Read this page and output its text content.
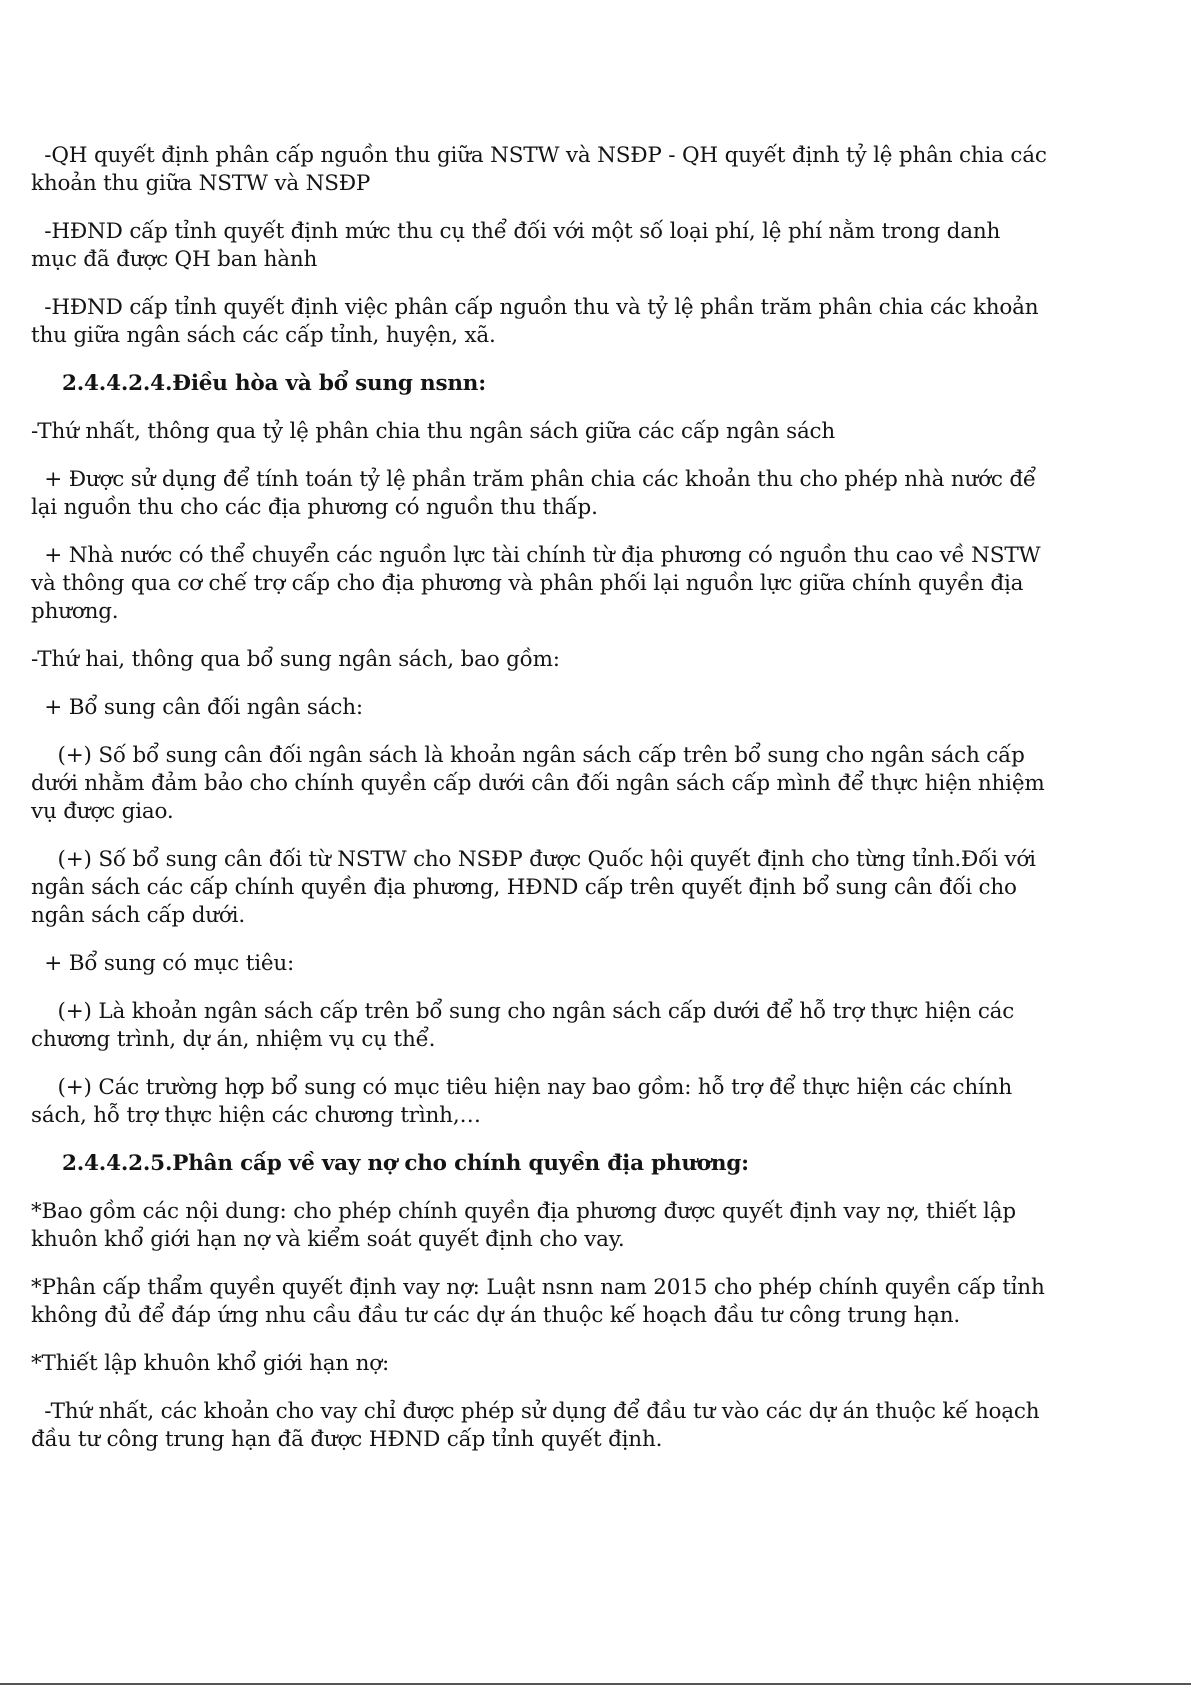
-QH quyết định phân cấp nguồn thu giữa NSTW và NSĐP - QH quyết định tỷ lệ phân chia các khoản thu giữa NSTW và NSĐP

-HĐND cấp tỉnh quyết định mức thu cụ thể đối với một số loại phí, lệ phí nằm trong danh mục đã được QH ban hành

-HĐND cấp tỉnh quyết định việc phân cấp nguồn thu và tỷ lệ phần trăm phân chia các khoản thu giữa ngân sách các cấp tỉnh, huyện, xã.

2.4.4.2.4.Điều hòa và bổ sung nsnn:

-Thứ nhất, thông qua tỷ lệ phân chia thu ngân sách giữa các cấp ngân sách

+ Được sử dụng để tính toán tỷ lệ phần trăm phân chia các khoản thu cho phép nhà nước để lại nguồn thu cho các địa phương có nguồn thu thấp.

+ Nhà nước có thể chuyển các nguồn lực tài chính từ địa phương có nguồn thu cao về NSTW và thông qua cơ chế trợ cấp cho địa phương và phân phối lại nguồn lực giữa chính quyền địa phương.

-Thứ hai, thông qua bổ sung ngân sách, bao gồm:

+ Bổ sung cân đối ngân sách:

(+) Số bổ sung cân đối ngân sách là khoản ngân sách cấp trên bổ sung cho ngân sách cấp dưới nhằm đảm bảo cho chính quyền cấp dưới cân đối ngân sách cấp mình để thực hiện nhiệm vụ được giao.

(+) Số bổ sung cân đối từ NSTW cho NSĐP được Quốc hội quyết định cho từng tỉnh.Đối với ngân sách các cấp chính quyền địa phương, HĐND cấp trên quyết định bổ sung cân đối cho ngân sách cấp dưới.

+ Bổ sung có mục tiêu:

(+) Là khoản ngân sách cấp trên bổ sung cho ngân sách cấp dưới để hỗ trợ thực hiện các chương trình, dự án, nhiệm vụ cụ thể.

(+) Các trường hợp bổ sung có mục tiêu hiện nay bao gồm: hỗ trợ để thực hiện các chính sách, hỗ trợ thực hiện các chương trình,…

2.4.4.2.5.Phân cấp về vay nợ cho chính quyền địa phương:

*Bao gồm các nội dung: cho phép chính quyền địa phương được quyết định vay nợ, thiết lập khuôn khổ giới hạn nợ và kiểm soát quyết định cho vay.

*Phân cấp thẩm quyền quyết định vay nợ: Luật nsnn nam 2015 cho phép chính quyền cấp tỉnh không đủ để đáp ứng nhu cầu đầu tư các dự án thuộc kế hoạch đầu tư công trung hạn.

*Thiết lập khuôn khổ giới hạn nợ:

-Thứ nhất, các khoản cho vay chỉ được phép sử dụng để đầu tư vào các dự án thuộc kế hoạch đầu tư công trung hạn đã được HĐND cấp tỉnh quyết định.
